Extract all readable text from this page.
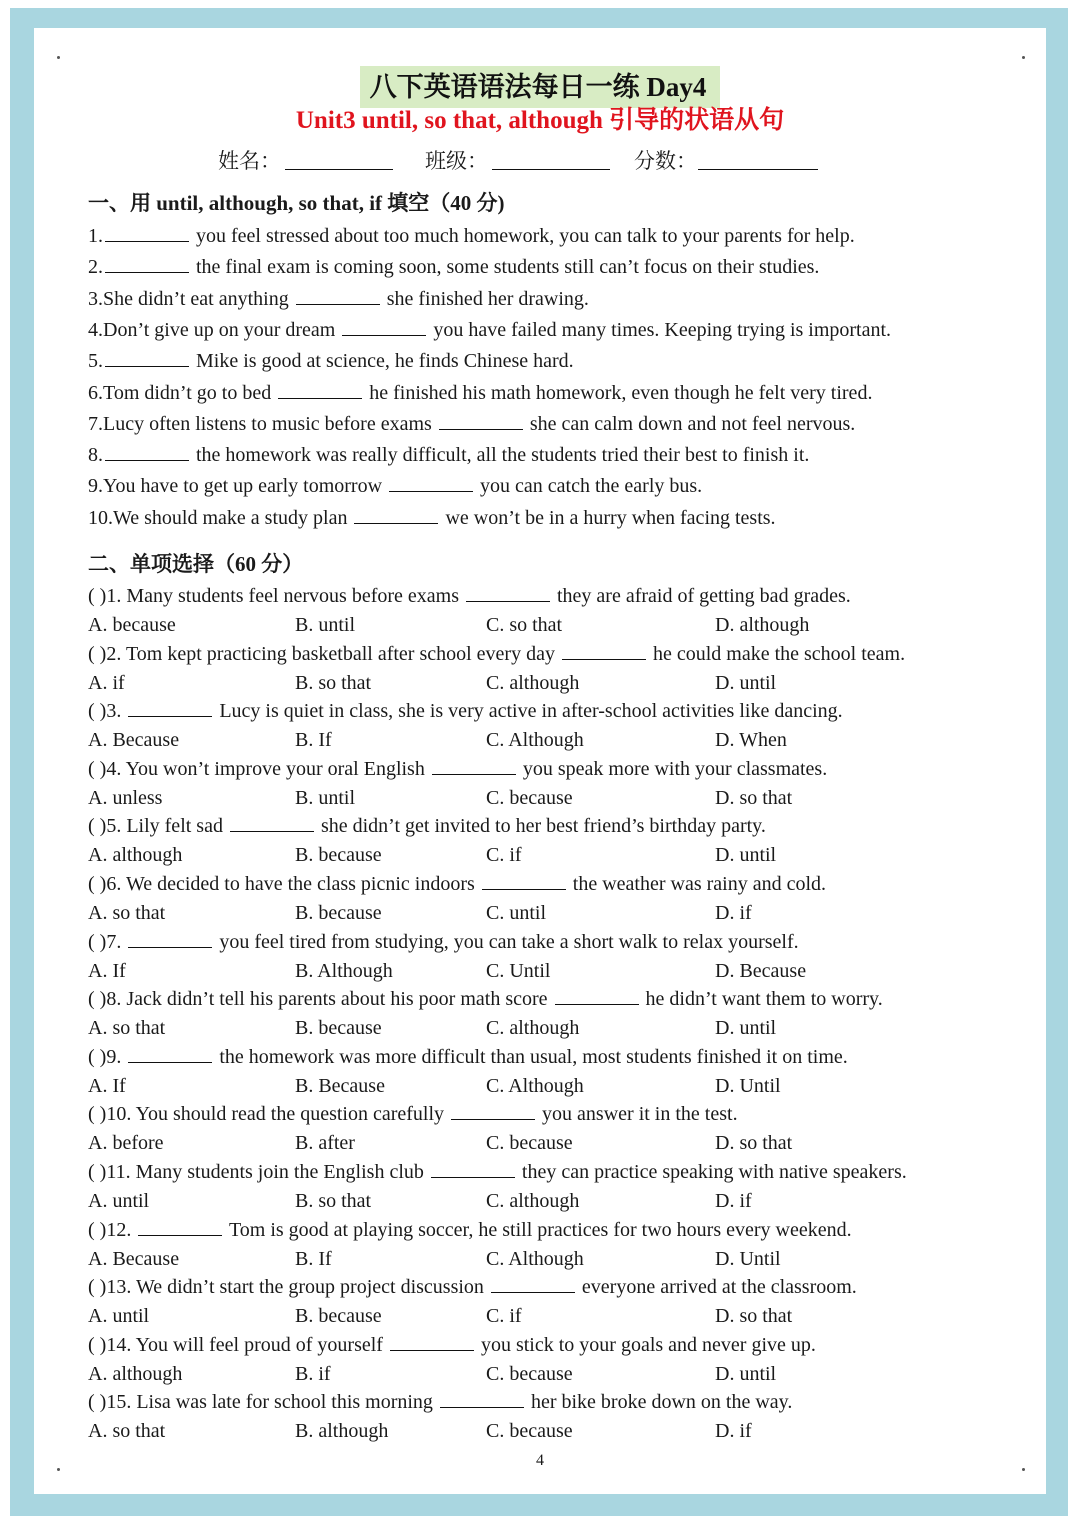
八下英语语法每日一练 Day4
Unit3 until, so that, although 引导的状语从句
姓名：	班级：	分数：
一、用 until, although, so that, if 填空（40 分)
1.	you feel stressed about too much homework, you can talk to your parents for help.
2.	the final exam is coming soon, some students still can’t focus on their studies.
3.She didn’t eat anything	she finished her drawing.
4.Don’t give up on your dream	you have failed many times. Keeping trying is important.
5.	Mike is good at science, he finds Chinese hard.
6.Tom didn’t go to bed	he finished his math homework, even though he felt very tired.
7.Lucy often listens to music before exams	she can calm down and not feel nervous.
8.	the homework was really difficult, all the students tried their best to finish it.
9.You have to get up early tomorrow	you can catch the early bus.
10.We should make a study plan	we won’t be in a hurry when facing tests.
二、单项选择（60 分）
( )1. Many students feel nervous before exams	they are afraid of getting bad grades.
A. because	B. until	C. so that	D. although
( )2. Tom kept practicing basketball after school every day	he could make the school team.
A. if	B. so that	C. although	D. until
( )3.	Lucy is quiet in class, she is very active in after-school activities like dancing.
A. Because	B. If	C. Although	D. When
( )4. You won’t improve your oral English	you speak more with your classmates.
A. unless	B. until	C. because	D. so that
( )5. Lily felt sad	she didn’t get invited to her best friend’s birthday party.
A. although	B. because	C. if	D. until
( )6. We decided to have the class picnic indoors	the weather was rainy and cold.
A. so that	B. because	C. until	D. if
( )7.	you feel tired from studying, you can take a short walk to relax yourself.
A. If	B. Although	C. Until	D. Because
( )8. Jack didn’t tell his parents about his poor math score	he didn’t want them to worry.
A. so that	B. because	C. although	D. until
( )9.	the homework was more difficult than usual, most students finished it on time.
A. If	B. Because	C. Although	D. Until
( )10. You should read the question carefully	you answer it in the test.
A. before	B. after	C. because	D. so that
( )11. Many students join the English club	they can practice speaking with native speakers.
A. until	B. so that	C. although	D. if
( )12.	Tom is good at playing soccer, he still practices for two hours every weekend.
A. Because	B. If	C. Although	D. Until
( )13. We didn’t start the group project discussion	everyone arrived at the classroom.
A. until	B. because	C. if	D. so that
( )14. You will feel proud of yourself	you stick to your goals and never give up.
A. although	B. if	C. because	D. until
( )15. Lisa was late for school this morning	her bike broke down on the way.
A. so that	B. although	C. because	D. if
4
